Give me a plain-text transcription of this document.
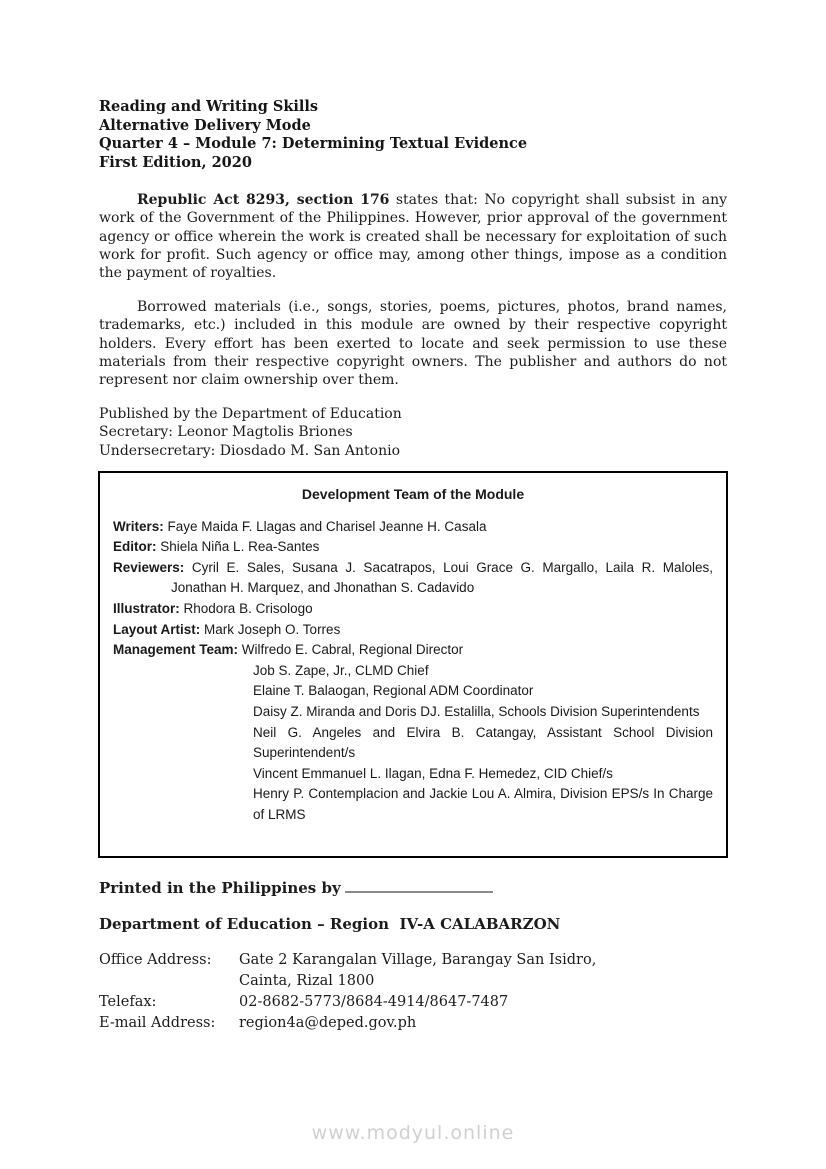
Reading and Writing Skills
Alternative Delivery Mode
Quarter 4 – Module 7: Determining Textual Evidence
First Edition, 2020

Republic Act 8293, section 176 states that: No copyright shall subsist in any work of the Government of the Philippines. However, prior approval of the government agency or office wherein the work is created shall be necessary for exploitation of such work for profit. Such agency or office may, among other things, impose as a condition the payment of royalties.

Borrowed materials (i.e., songs, stories, poems, pictures, photos, brand names, trademarks, etc.) included in this module are owned by their respective copyright holders. Every effort has been exerted to locate and seek permission to use these materials from their respective copyright owners. The publisher and authors do not represent nor claim ownership over them.

Published by the Department of Education
Secretary: Leonor Magtolis Briones
Undersecretary: Diosdado M. San Antonio
Development Team of the Module
Writers: Faye Maida F. Llagas and Charisel Jeanne H. Casala
Editor: Shiela Niña L. Rea-Santes
Reviewers: Cyril E. Sales, Susana J. Sacatrapos, Loui Grace G. Margallo, Laila R. Maloles, Jonathan H. Marquez, and Jhonathan S. Cadavido
Illustrator: Rhodora B. Crisologo
Layout Artist: Mark Joseph O. Torres
Management Team: Wilfredo E. Cabral, Regional Director
Job S. Zape, Jr., CLMD Chief
Elaine T. Balaogan, Regional ADM Coordinator
Daisy Z. Miranda and Doris DJ. Estalilla, Schools Division Superintendents
Neil G. Angeles and Elvira B. Catangay, Assistant School Division Superintendent/s
Vincent Emmanuel L. Ilagan, Edna F. Hemedez, CID Chief/s
Henry P. Contemplacion and Jackie Lou A. Almira, Division EPS/s In Charge of LRMS
Printed in the Philippines by
Department of Education – Region  IV-A CALABARZON
Office Address:	Gate 2 Karangalan Village, Barangay San Isidro,
Cainta, Rizal 1800
Telefax:	02-8682-5773/8684-4914/8647-7487
E-mail Address:	region4a@deped.gov.ph
www.modyul.online
